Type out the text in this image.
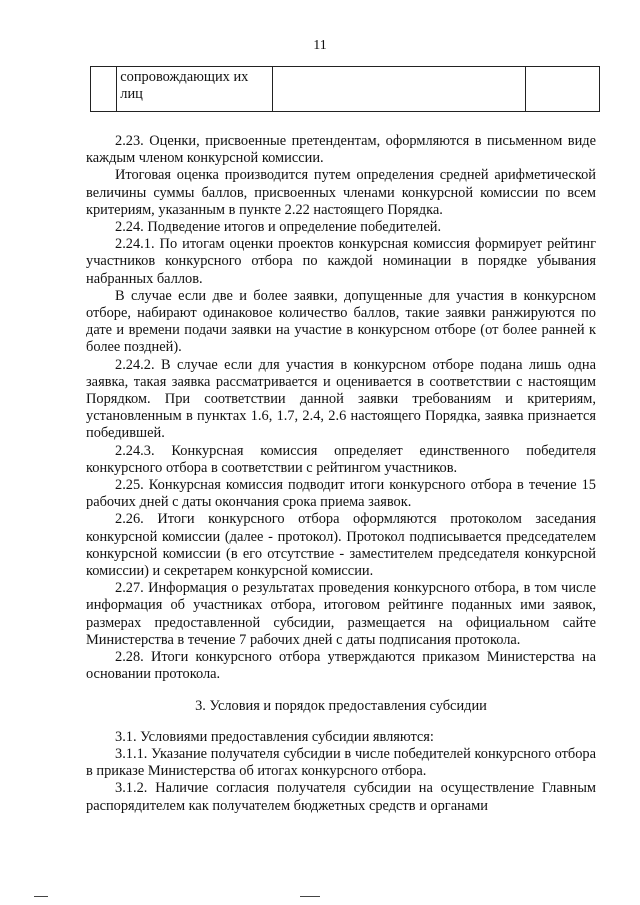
11
	сопровождающих их лиц		

2.23. Оценки, присвоенные претендентам, оформляются в письменном виде каждым членом конкурсной комиссии.

Итоговая оценка производится путем определения средней арифметической величины суммы баллов, присвоенных членами конкурсной комиссии по всем критериям, указанным в пункте 2.22 настоящего Порядка.

2.24. Подведение итогов и определение победителей.

2.24.1. По итогам оценки проектов конкурсная комиссия формирует рейтинг участников конкурсного отбора по каждой номинации в порядке убывания набранных баллов.

В случае если две и более заявки, допущенные для участия в конкурсном отборе, набирают одинаковое количество баллов, такие заявки ранжируются по дате и времени подачи заявки на участие в конкурсном отборе (от более ранней к более поздней).

2.24.2. В случае если для участия в конкурсном отборе подана лишь одна заявка, такая заявка рассматривается и оценивается в соответствии с настоящим Порядком. При соответствии данной заявки требованиям и критериям, установленным в пунктах 1.6, 1.7, 2.4, 2.6 настоящего Порядка, заявка признается победившей.

2.24.3. Конкурсная комиссия определяет единственного победителя конкурсного отбора в соответствии с рейтингом участников.

2.25. Конкурсная комиссия подводит итоги конкурсного отбора в течение 15 рабочих дней с даты окончания срока приема заявок.

2.26. Итоги конкурсного отбора оформляются протоколом заседания конкурсной комиссии (далее - протокол). Протокол подписывается председателем конкурсной комиссии (в его отсутствие - заместителем председателя конкурсной комиссии) и секретарем конкурсной комиссии.

2.27. Информация о результатах проведения конкурсного отбора, в том числе информация об участниках отбора, итоговом рейтинге поданных ими заявок, размерах предоставленной субсидии, размещается на официальном сайте Министерства в течение 7 рабочих дней с даты подписания протокола.

2.28. Итоги конкурсного отбора утверждаются приказом Министерства на основании протокола.

3. Условия и порядок предоставления субсидии

3.1. Условиями предоставления субсидии являются:

3.1.1. Указание получателя субсидии в числе победителей конкурсного отбора в приказе Министерства об итогах конкурсного отбора.

3.1.2. Наличие согласия получателя субсидии на осуществление Главным распорядителем как получателем бюджетных средств и органами
